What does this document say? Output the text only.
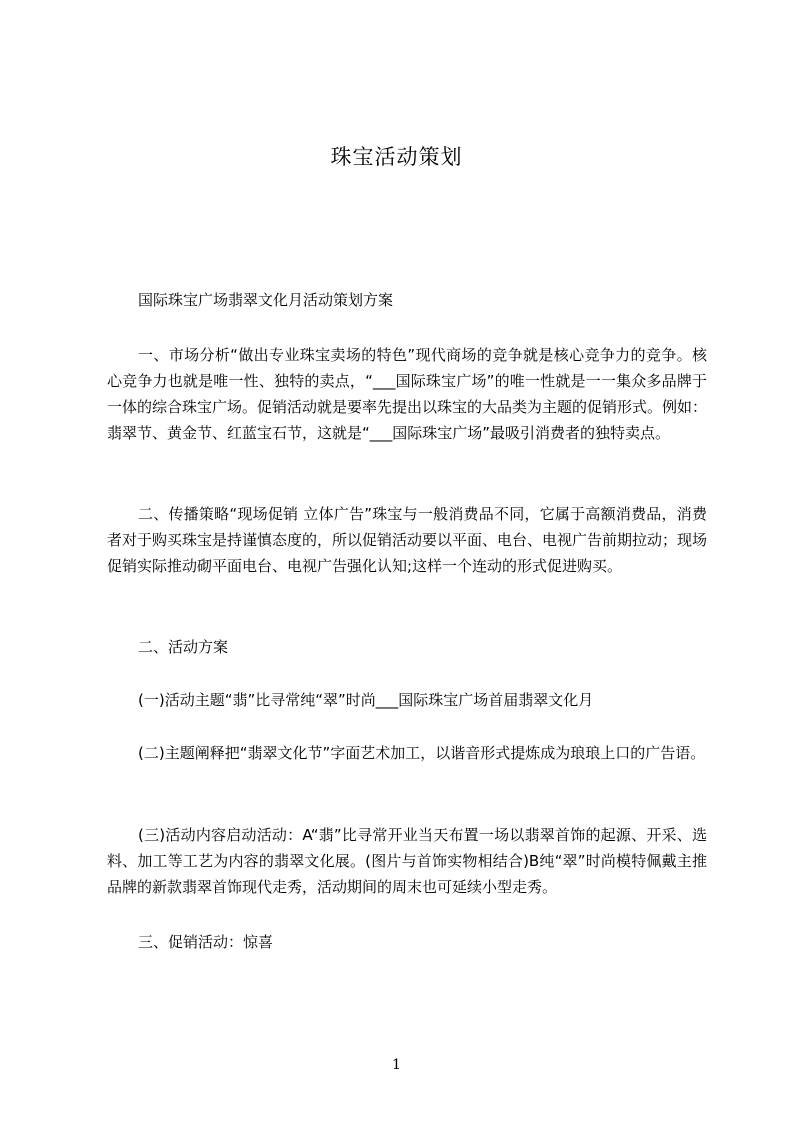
珠宝活动策划

国际珠宝广场翡翠文化月活动策划方案

一、市场分析“做出专业珠宝卖场的特色”现代商场的竞争就是核心竞争力的竞争。核心竞争力也就是唯一性、独特的卖点，“___国际珠宝广场”的唯一性就是一一集众多品牌于一体的综合珠宝广场。促销活动就是要率先提出以珠宝的大品类为主题的促销形式。例如：翡翠节、黄金节、红蓝宝石节，这就是“___国际珠宝广场”最吸引消费者的独特卖点。

二、传播策略“现场促销 立体广告”珠宝与一般消费品不同，它属于高额消费品，消费者对于购买珠宝是持谨慎态度的，所以促销活动要以平面、电台、电视广告前期拉动；现场促销实际推动砌平面电台、电视广告强化认知;这样一个连动的形式促进购买。

二、活动方案

(一)活动主题“翡”比寻常纯“翠”时尚___国际珠宝广场首届翡翠文化月

(二)主题阐释把“翡翠文化节”字面艺术加工，以谐音形式提炼成为琅琅上口的广告语。

(三)活动内容启动活动：A“翡”比寻常开业当天布置一场以翡翠首饰的起源、开采、选料、加工等工艺为内容的翡翠文化展。(图片与首饰实物相结合)B纯“翠”时尚模特佩戴主推品牌的新款翡翠首饰现代走秀，活动期间的周末也可延续小型走秀。

三、促销活动：惊喜

1
